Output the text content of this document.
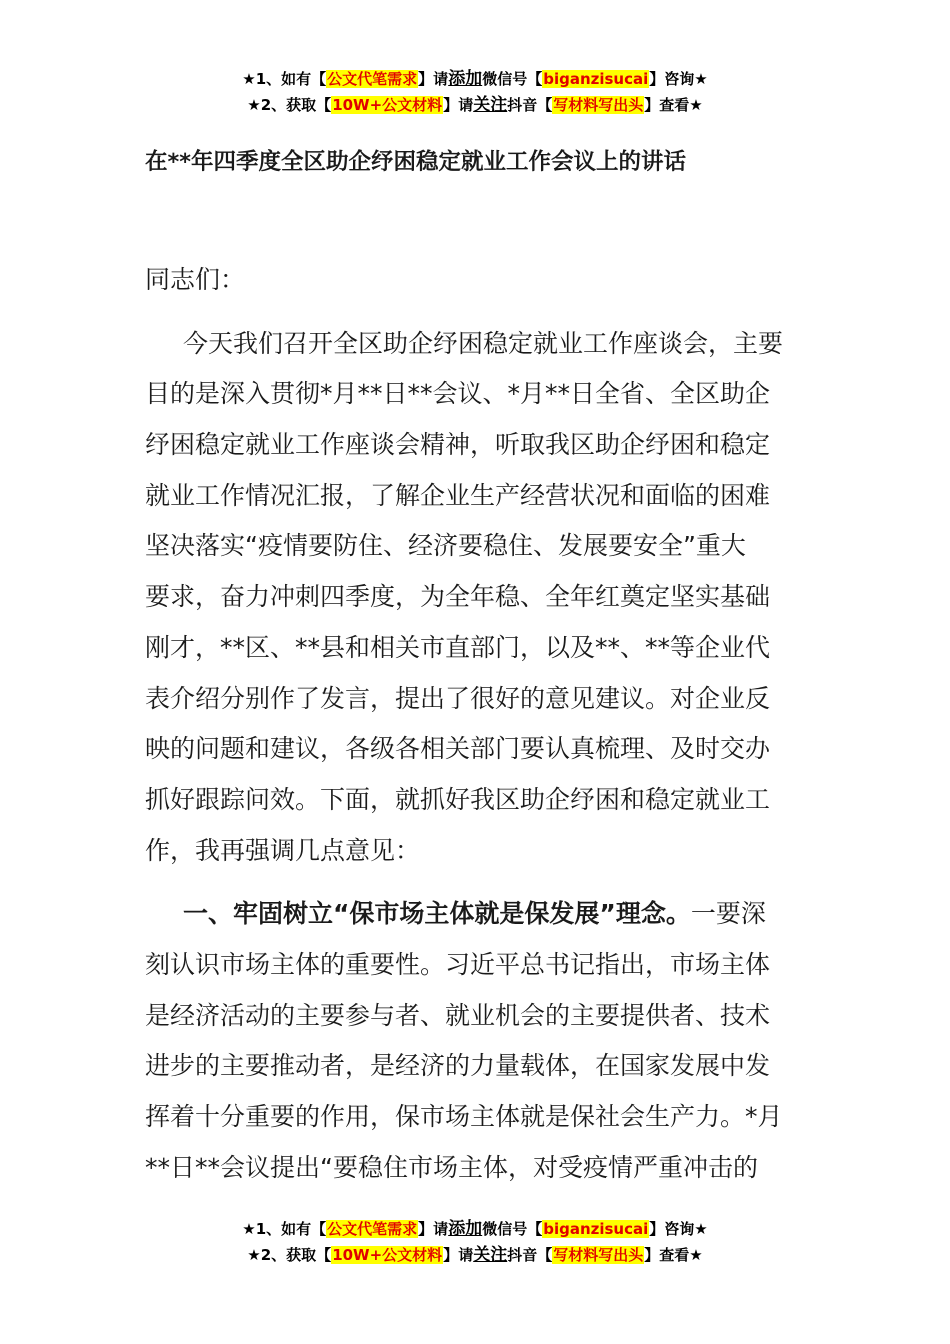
★1、如有【公文代笔需求】请添加微信号【biganzisucai】咨询★
★2、获取【10W+公文材料】请关注抖音【写材料写出头】查看★
在**年四季度全区助企纾困稳定就业工作会议上的讲话
同志们：
今天我们召开全区助企纾困稳定就业工作座谈会，主要
目的是深入贯彻*月**日**会议、*月**日全省、全区助企
纾困稳定就业工作座谈会精神，听取我区助企纾困和稳定
就业工作情况汇报，了解企业生产经营状况和面临的困难
坚决落实“疫情要防住、经济要稳住、发展要安全”重大
要求，奋力冲刺四季度，为全年稳、全年红奠定坚实基础
刚才，**区、**县和相关市直部门，以及**、**等企业代
表介绍分别作了发言，提出了很好的意见建议。对企业反
映的问题和建议，各级各相关部门要认真梳理、及时交办
抓好跟踪问效。下面，就抓好我区助企纾困和稳定就业工
作，我再强调几点意见：
一、牢固树立“保市场主体就是保发展”理念。一要深
刻认识市场主体的重要性。习近平总书记指出，市场主体
是经济活动的主要参与者、就业机会的主要提供者、技术
进步的主要推动者，是经济的力量载体，在国家发展中发
挥着十分重要的作用，保市场主体就是保社会生产力。*月
**日**会议提出“要稳住市场主体，对受疫情严重冲击的
★1、如有【公文代笔需求】请添加微信号【biganzisucai】咨询★
★2、获取【10W+公文材料】请关注抖音【写材料写出头】查看★
